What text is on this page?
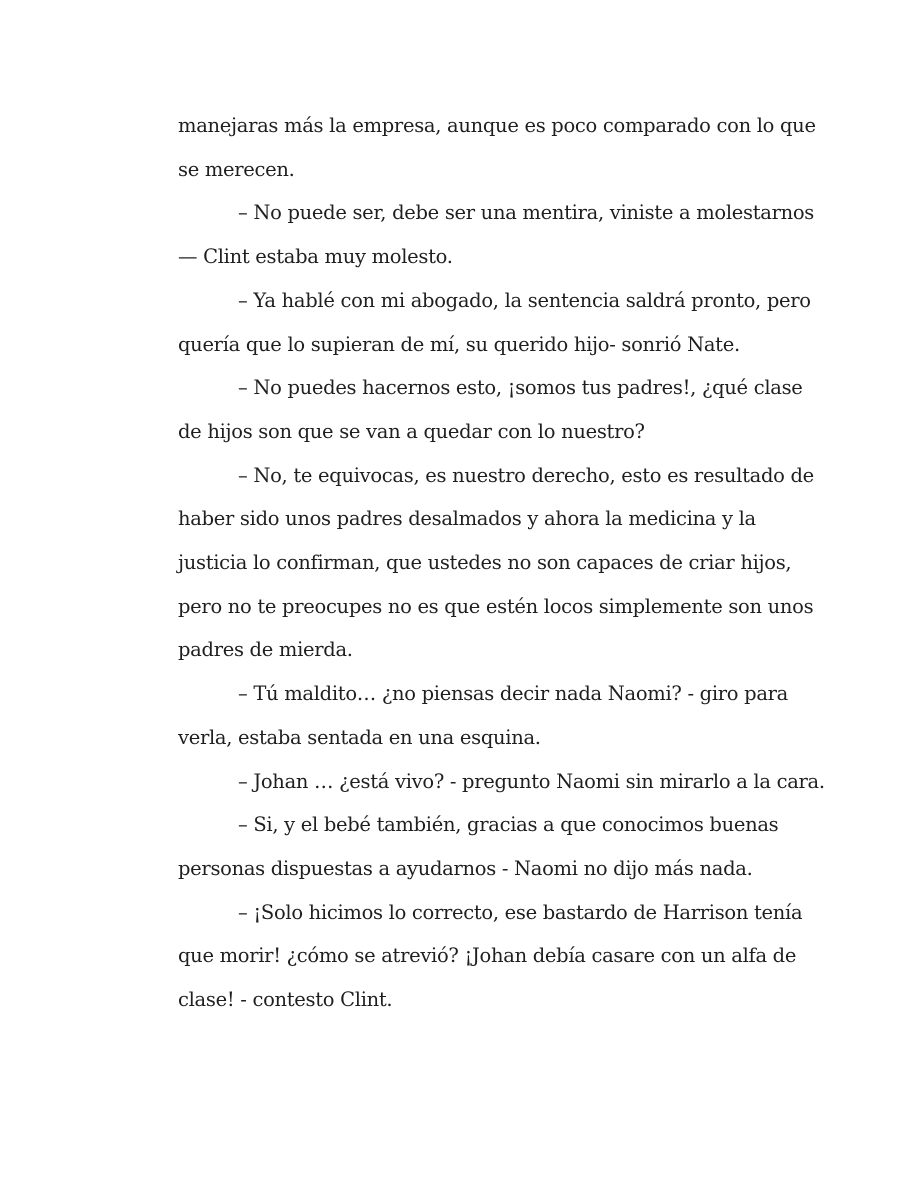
manejaras más la empresa, aunque es poco comparado con lo que se merecen.

– No puede ser, debe ser una mentira, viniste a molestarnos— Clint estaba muy molesto.

– Ya hablé con mi abogado, la sentencia saldrá pronto, pero quería que lo supieran de mí, su querido hijo- sonrió Nate.

– No puedes hacernos esto, ¡somos tus padres!, ¿qué clase de hijos son que se van a quedar con lo nuestro?

– No, te equivocas, es nuestro derecho, esto es resultado de haber sido unos padres desalmados y ahora la medicina y la justicia lo confirman, que ustedes no son capaces de criar hijos, pero no te preocupes no es que estén locos simplemente son unos padres de mierda.

– Tú maldito… ¿no piensas decir nada Naomi? - giro para verla, estaba sentada en una esquina.

– Johan … ¿está vivo? - pregunto Naomi sin mirarlo a la cara.

– Si, y el bebé también, gracias a que conocimos buenas personas dispuestas a ayudarnos - Naomi no dijo más nada.

– ¡Solo hicimos lo correcto, ese bastardo de Harrison tenía que morir! ¿cómo se atrevió? ¡Johan debía casare con un alfa de clase! - contesto Clint.
